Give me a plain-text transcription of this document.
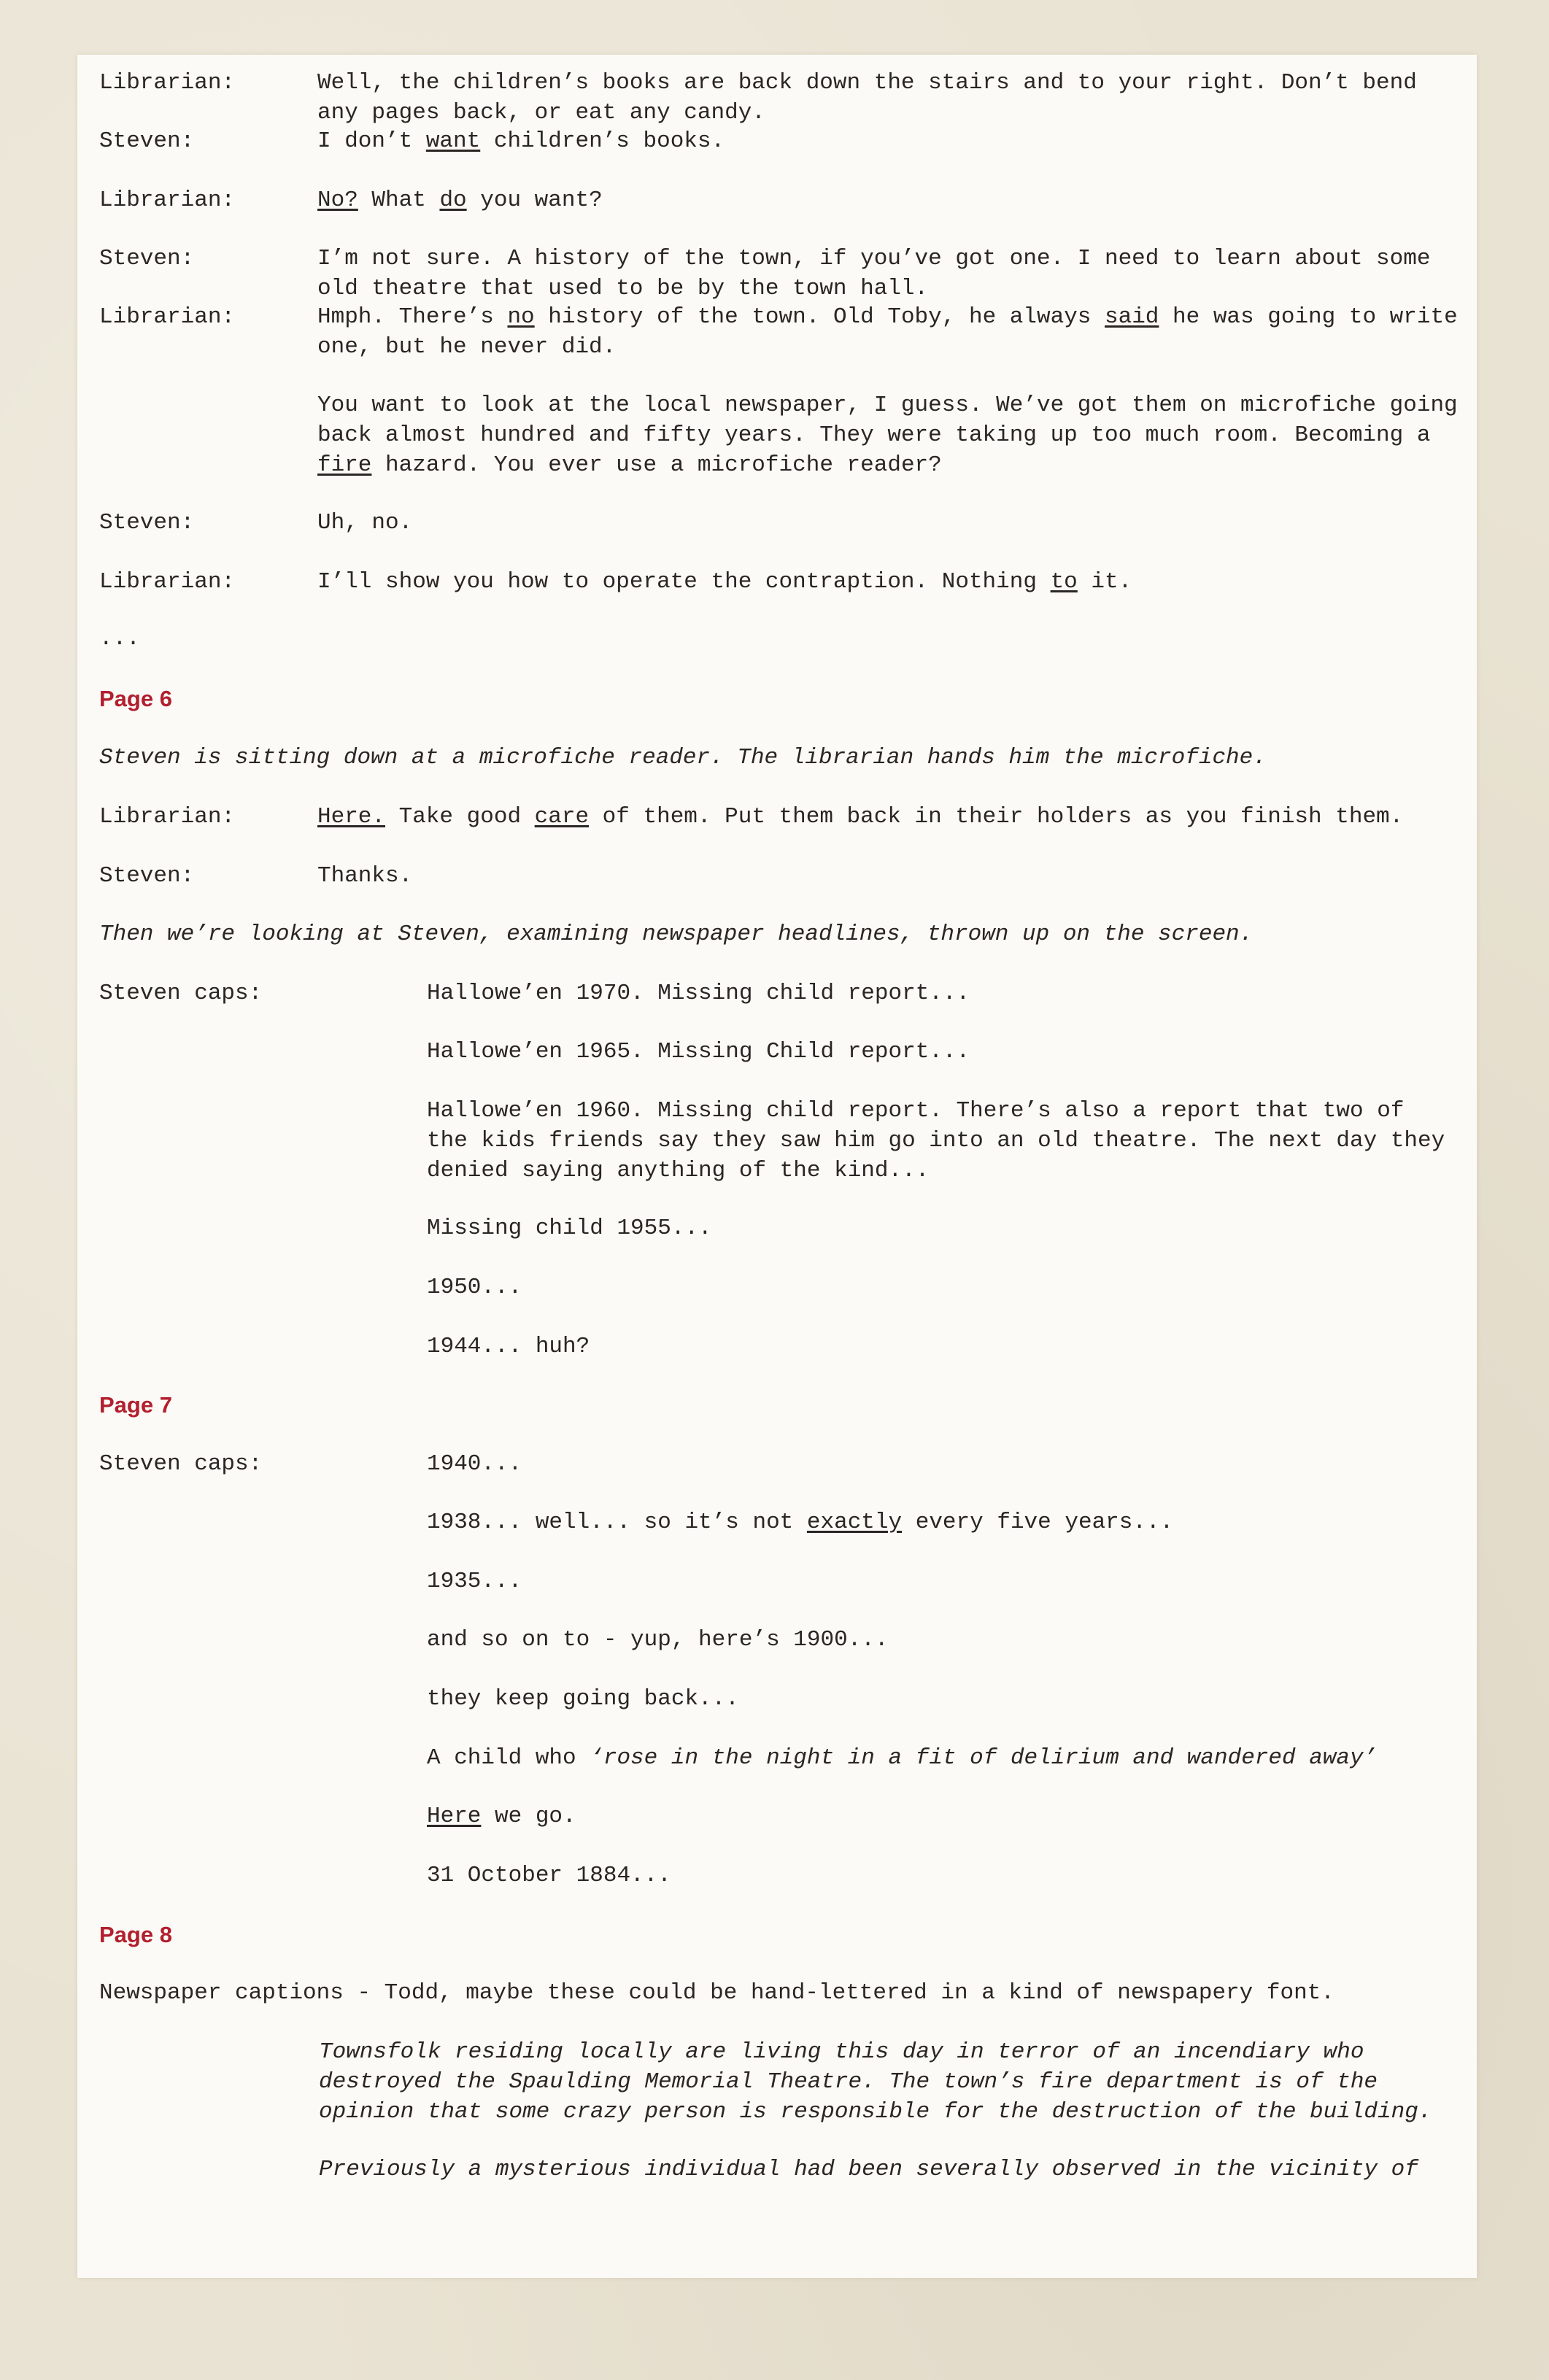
Librarian:	Well, the children’s books are back down the stairs and to your right. Don’t bend
any pages back, or eat any candy.
Steven:	I don’t want children’s books.
Librarian:	No? What do you want?
Steven:	I’m not sure. A history of the town, if you’ve got one. I need to learn about some
old theatre that used to be by the town hall.
Librarian:	Hmph. There’s no history of the town. Old Toby, he always said he was going to write
one, but he never did.
You want to look at the local newspaper, I guess. We’ve got them on microfiche going
back almost hundred and fifty years. They were taking up too much room. Becoming a
fire hazard. You ever use a microfiche reader?
Steven:	Uh, no.
Librarian:	I’ll show you how to operate the contraption. Nothing to it.
...
Page 6
Steven is sitting down at a microfiche reader. The librarian hands him the microfiche.
Librarian:	Here. Take good care of them. Put them back in their holders as you finish them.
Steven:	Thanks.
Then we’re looking at Steven, examining newspaper headlines, thrown up on the screen.
Steven caps:	Hallowe’en 1970. Missing child report...
Hallowe’en 1965. Missing Child report...
Hallowe’en 1960. Missing child report. There’s also a report that two of
the kids friends say they saw him go into an old theatre. The next day they
denied saying anything of the kind...
Missing child 1955...
1950...
1944... huh?
Page 7
Steven caps:	1940...
1938... well... so it’s not exactly every five years...
1935...
and so on to - yup, here’s 1900...
they keep going back...
A child who ‘rose in the night in a fit of delirium and wandered away’
Here we go.
31 October 1884...
Page 8
Newspaper captions - Todd, maybe these could be hand-lettered in a kind of newspapery font.
Townsfolk residing locally are living this day in terror of an incendiary who
destroyed the Spaulding Memorial Theatre. The town’s fire department is of the
opinion that some crazy person is responsible for the destruction of the building.
Previously a mysterious individual had been severally observed in the vicinity of
